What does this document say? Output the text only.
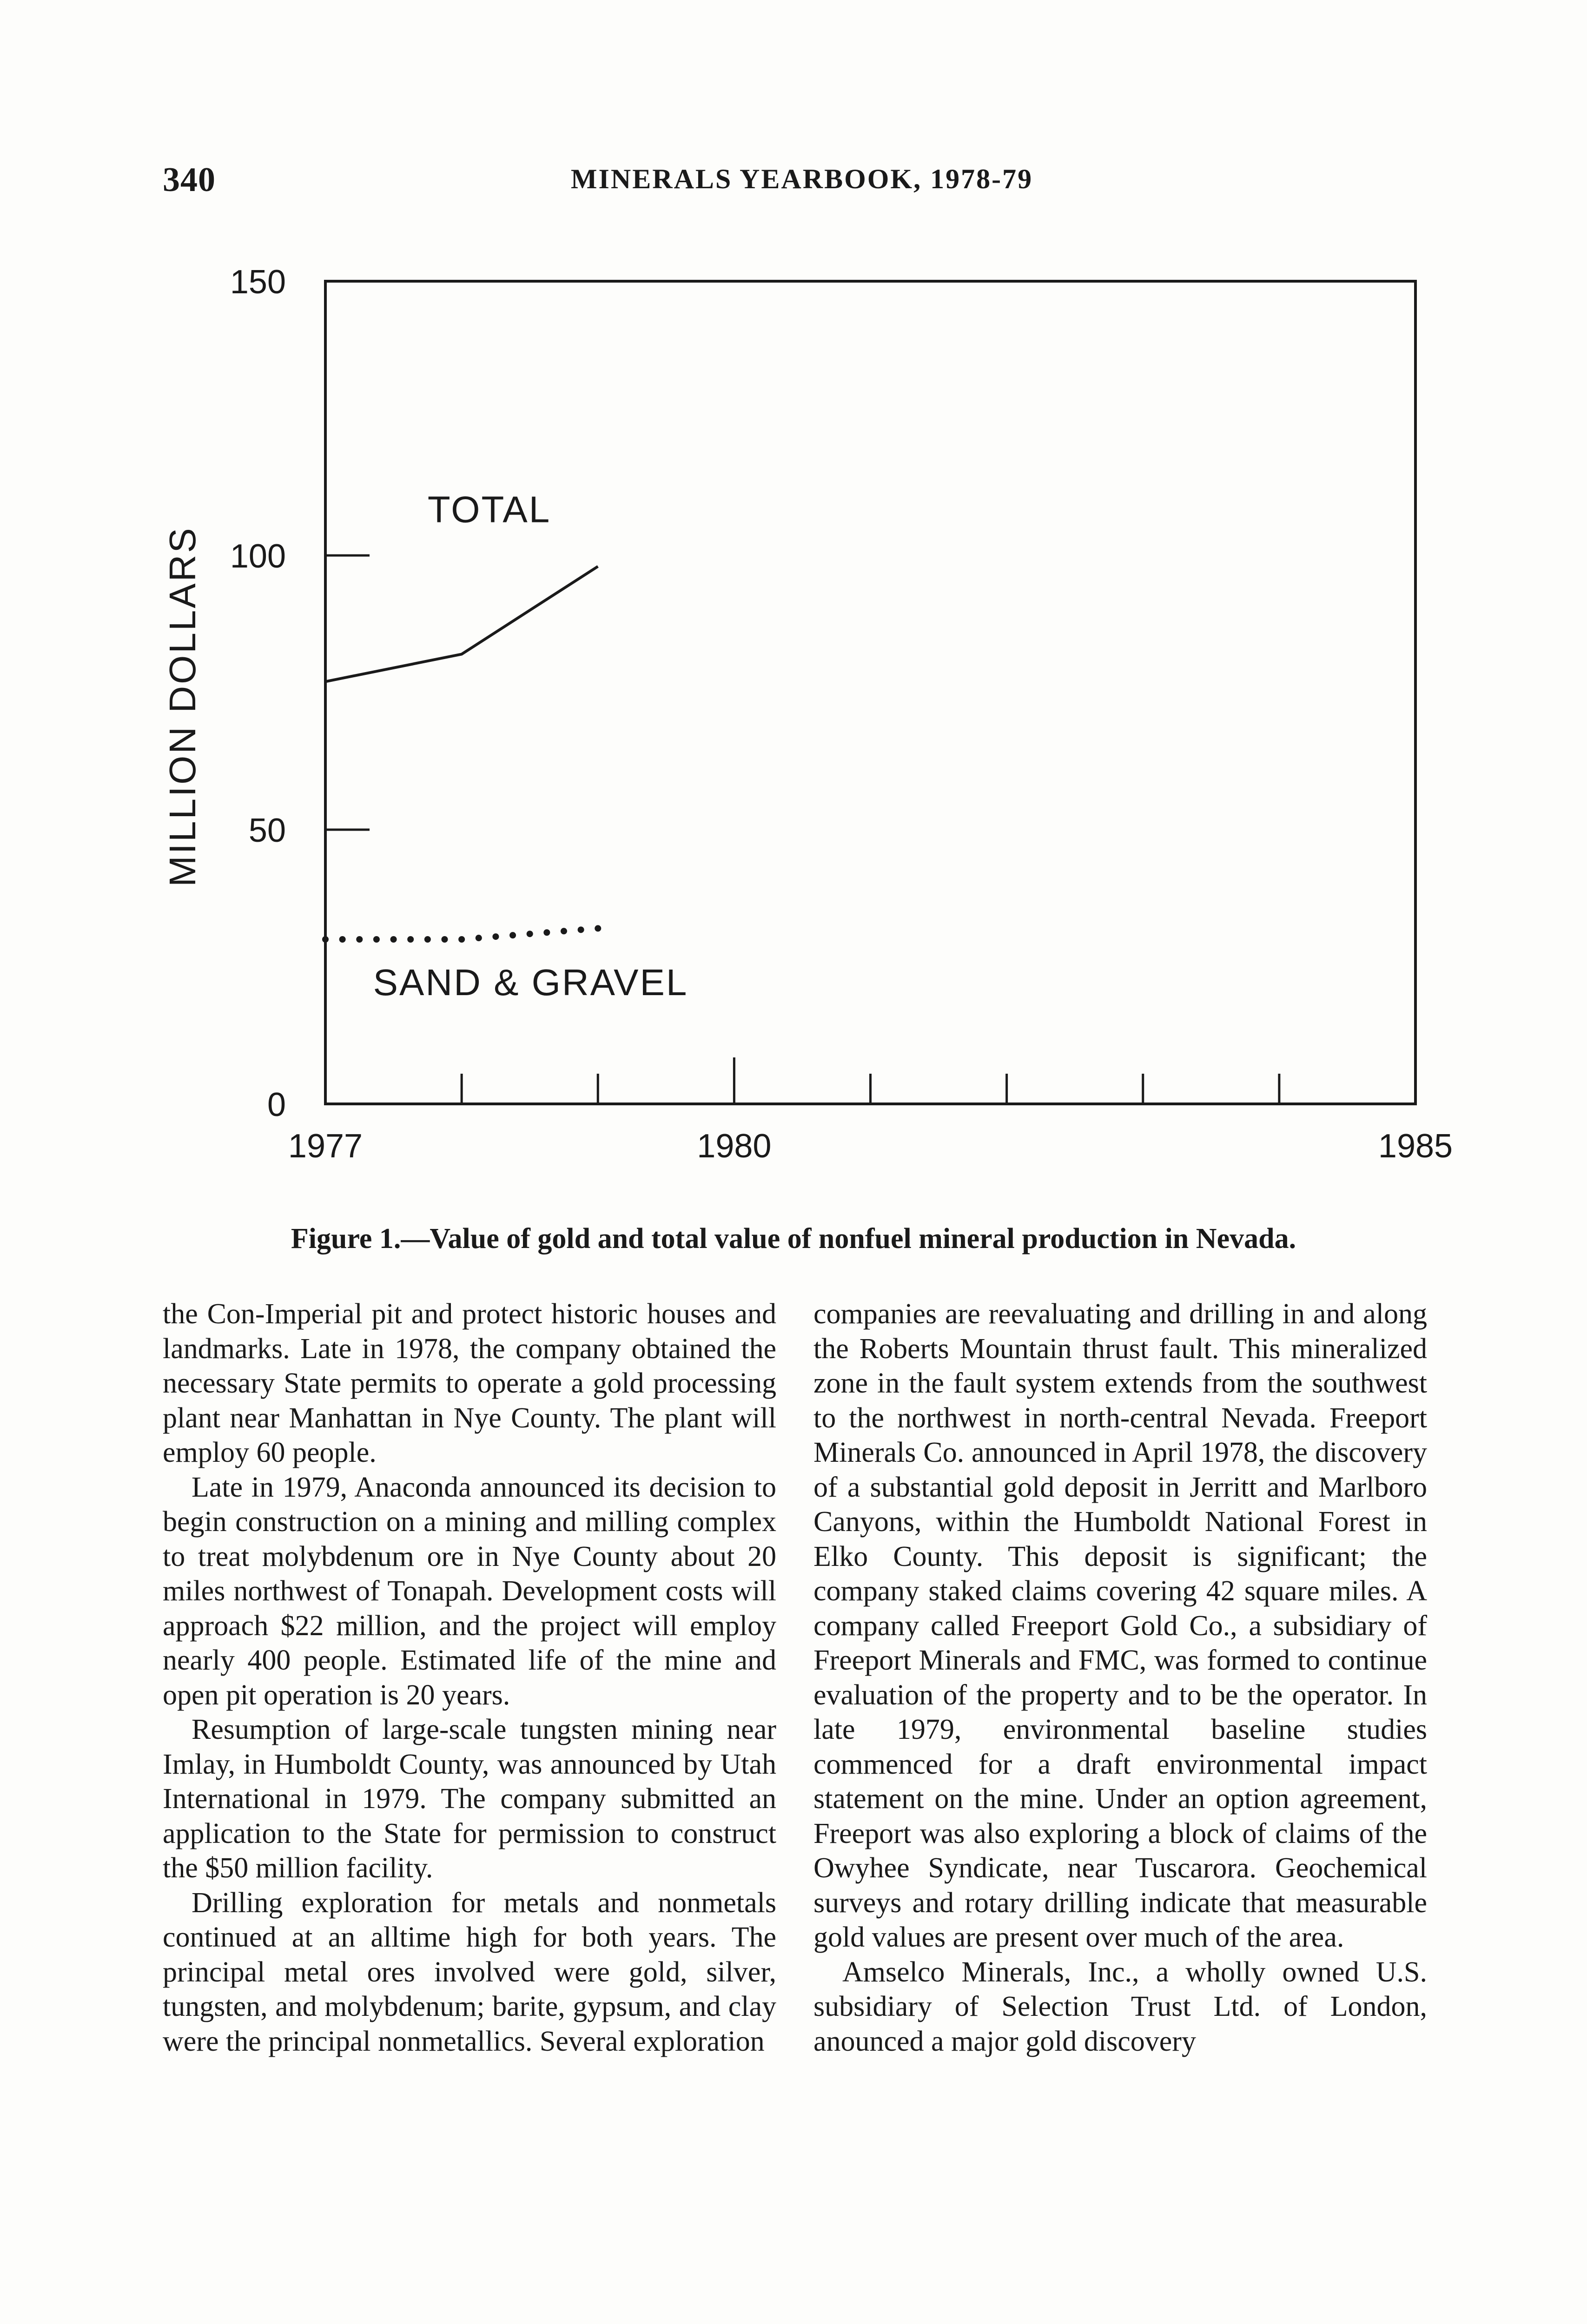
340	MINERALS YEARBOOK, 1978-79
0
50
100
150
1977	1980	1985
MILLION DOLLARS
TOTAL
SAND & GRAVEL
Figure 1.—Value of gold and total value of nonfuel mineral production in Nevada.

the Con-Imperial pit and protect historic houses and landmarks. Late in 1978, the company obtained the necessary State permits to operate a gold processing plant near Manhattan in Nye County. The plant will employ 60 people.

Late in 1979, Anaconda announced its decision to begin construction on a mining and milling complex to treat molybdenum ore in Nye County about 20 miles northwest of Tonapah. Development costs will approach $22 million, and the project will employ nearly 400 people. Estimated life of the mine and open pit operation is 20 years.

Resumption of large-scale tungsten mining near Imlay, in Humboldt County, was announced by Utah International in 1979. The company submitted an application to the State for permission to construct the $50 million facility.

Drilling exploration for metals and nonmetals continued at an alltime high for both years. The principal metal ores involved were gold, silver, tungsten, and molybdenum; barite, gypsum, and clay were the principal nonmetallics. Several exploration

companies are reevaluating and drilling in and along the Roberts Mountain thrust fault. This mineralized zone in the fault system extends from the southwest to the northwest in north-central Nevada. Freeport Minerals Co. announced in April 1978, the discovery of a substantial gold deposit in Jerritt and Marlboro Canyons, within the Humboldt National Forest in Elko County. This deposit is significant; the company staked claims covering 42 square miles. A company called Freeport Gold Co., a subsidiary of Freeport Minerals and FMC, was formed to continue evaluation of the property and to be the operator. In late 1979, environmental baseline studies commenced for a draft environmental impact statement on the mine. Under an option agreement, Freeport was also exploring a block of claims of the Owyhee Syndicate, near Tuscarora. Geochemical surveys and rotary drilling indicate that measurable gold values are present over much of the area.

Amselco Minerals, Inc., a wholly owned U.S. subsidiary of Selection Trust Ltd. of London, anounced a major gold discovery
